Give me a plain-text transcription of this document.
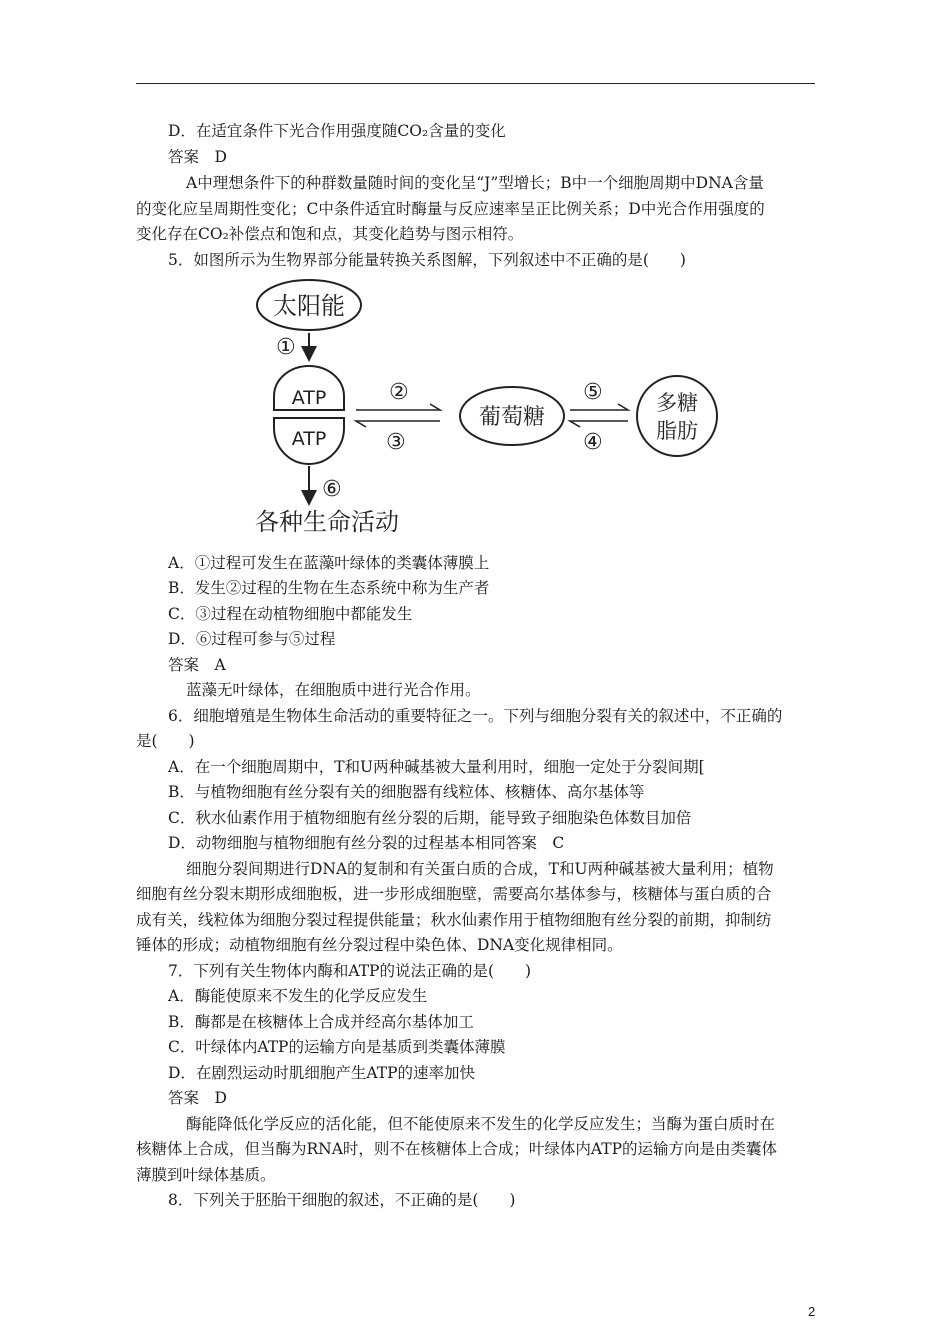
D．在适宜条件下光合作用强度随CO₂含量的变化
答案　D
A中理想条件下的种群数量随时间的变化呈“J”型增长；B中一个细胞周期中DNA含量
的变化应呈周期性变化；C中条件适宜时酶量与反应速率呈正比例关系；D中光合作用强度的
变化存在CO₂补偿点和饱和点，其变化趋势与图示相符。
5．如图所示为生物界部分能量转换关系图解，下列叙述中不正确的是(　　)
太阳能
①
ATP
ATP
②
③
葡萄糖
⑤
④
多糖
脂肪
⑥
各种生命活动
A．①过程可发生在蓝藻叶绿体的类囊体薄膜上
B．发生②过程的生物在生态系统中称为生产者
C．③过程在动植物细胞中都能发生
D．⑥过程可参与⑤过程
答案　A
蓝藻无叶绿体，在细胞质中进行光合作用。
6．细胞增殖是生物体生命活动的重要特征之一。下列与细胞分裂有关的叙述中，不正确的
是(　　)
A．在一个细胞周期中，T和U两种碱基被大量利用时，细胞一定处于分裂间期[
B．与植物细胞有丝分裂有关的细胞器有线粒体、核糖体、高尔基体等
C．秋水仙素作用于植物细胞有丝分裂的后期，能导致子细胞染色体数目加倍
D．动物细胞与植物细胞有丝分裂的过程基本相同答案　C
细胞分裂间期进行DNA的复制和有关蛋白质的合成，T和U两种碱基被大量利用；植物
细胞有丝分裂末期形成细胞板，进一步形成细胞壁，需要高尔基体参与，核糖体与蛋白质的合
成有关，线粒体为细胞分裂过程提供能量；秋水仙素作用于植物细胞有丝分裂的前期，抑制纺
锤体的形成；动植物细胞有丝分裂过程中染色体、DNA变化规律相同。
7．下列有关生物体内酶和ATP的说法正确的是(　　)
A．酶能使原来不发生的化学反应发生
B．酶都是在核糖体上合成并经高尔基体加工
C．叶绿体内ATP的运输方向是基质到类囊体薄膜
D．在剧烈运动时肌细胞产生ATP的速率加快
答案　D
酶能降低化学反应的活化能，但不能使原来不发生的化学反应发生；当酶为蛋白质时在
核糖体上合成，但当酶为RNA时，则不在核糖体上合成；叶绿体内ATP的运输方向是由类囊体
薄膜到叶绿体基质。
8．下列关于胚胎干细胞的叙述，不正确的是(　　)
2
